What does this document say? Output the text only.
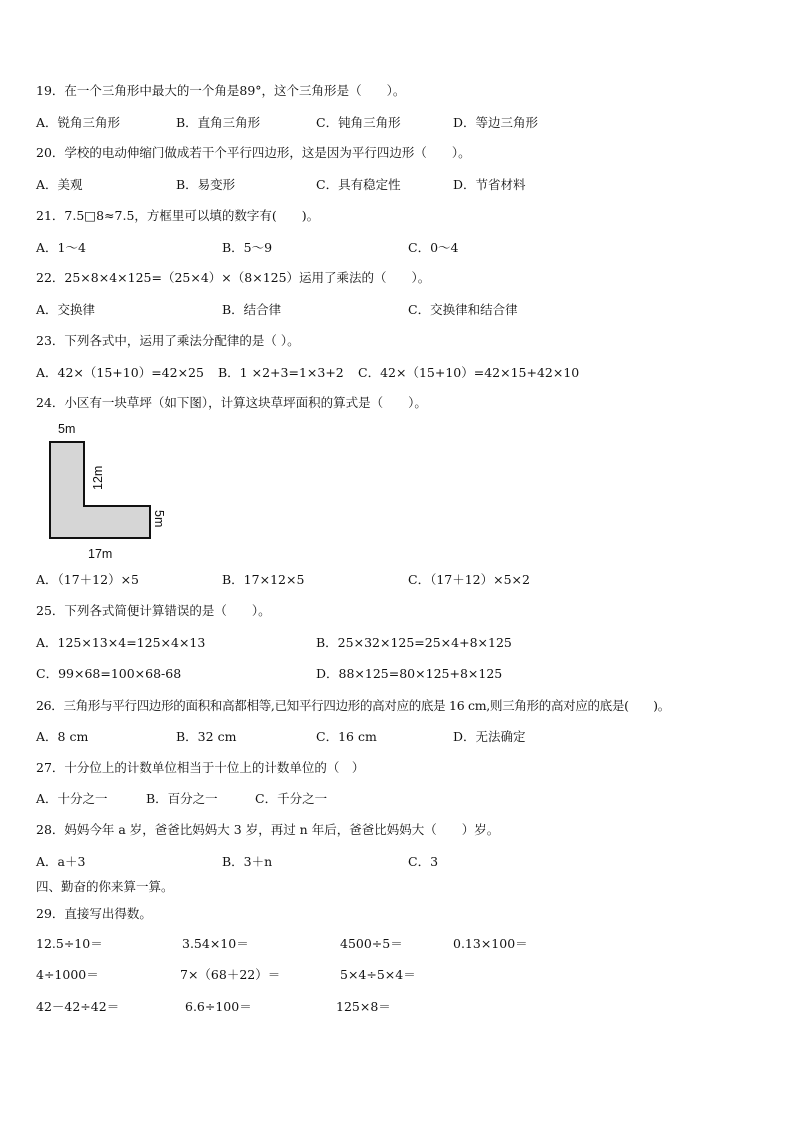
19．在一个三角形中最大的一个角是89°，这个三角形是（　　）。
A．锐角三角形	B．直角三角形	C．钝角三角形	D．等边三角形
20．学校的电动伸缩门做成若干个平行四边形，这是因为平行四边形（　　）。
A．美观	B．易变形	C．具有稳定性	D．节省材料
21．7.5□8≈7.5，方框里可以填的数字有(　　)。
A．1～4	B．5～9	C．0～4
22．25×8×4×125=（25×4）×（8×125）运用了乘法的（　　）。
A．交换律	B．结合律	C．交换律和结合律
23．下列各式中，运用了乘法分配律的是（ ）。
A．42×（15+10）=42×25 B．1 ×2+3=1×3+2 C．42×（15+10）=42×15+42×10
24．小区有一块草坪（如下图），计算这块草坪面积的算式是（　　）。
5m
12m
5m
17m
A．（17＋12）×5	B．17×12×5	C．（17＋12）×5×2
25．下列各式简便计算错误的是（　　）。
A．125×13×4=125×4×13	B．25×32×125=25×4+8×125
C．99×68=100×68-68	D．88×125=80×125+8×125
26．三角形与平行四边形的面积和高都相等,已知平行四边形的高对应的底是 16 cm,则三角形的高对应的底是(　　)。
A．8 cm	B．32 cm	C．16 cm	D．无法确定
27．十分位上的计数单位相当于十位上的计数单位的（　）
A．十分之一	B．百分之一	C．千分之一
28．妈妈今年 a 岁，爸爸比妈妈大 3 岁，再过 n 年后，爸爸比妈妈大（　　）岁。
A．a＋3	B．3＋n	C．3
四、勤奋的你来算一算。
29．直接写出得数。
12.5÷10＝	3.54×10＝	4500÷5＝	0.13×100＝
4÷1000＝	7×（68＋22）＝	5×4÷5×4＝
42－42÷42＝	6.6÷100＝	125×8＝
